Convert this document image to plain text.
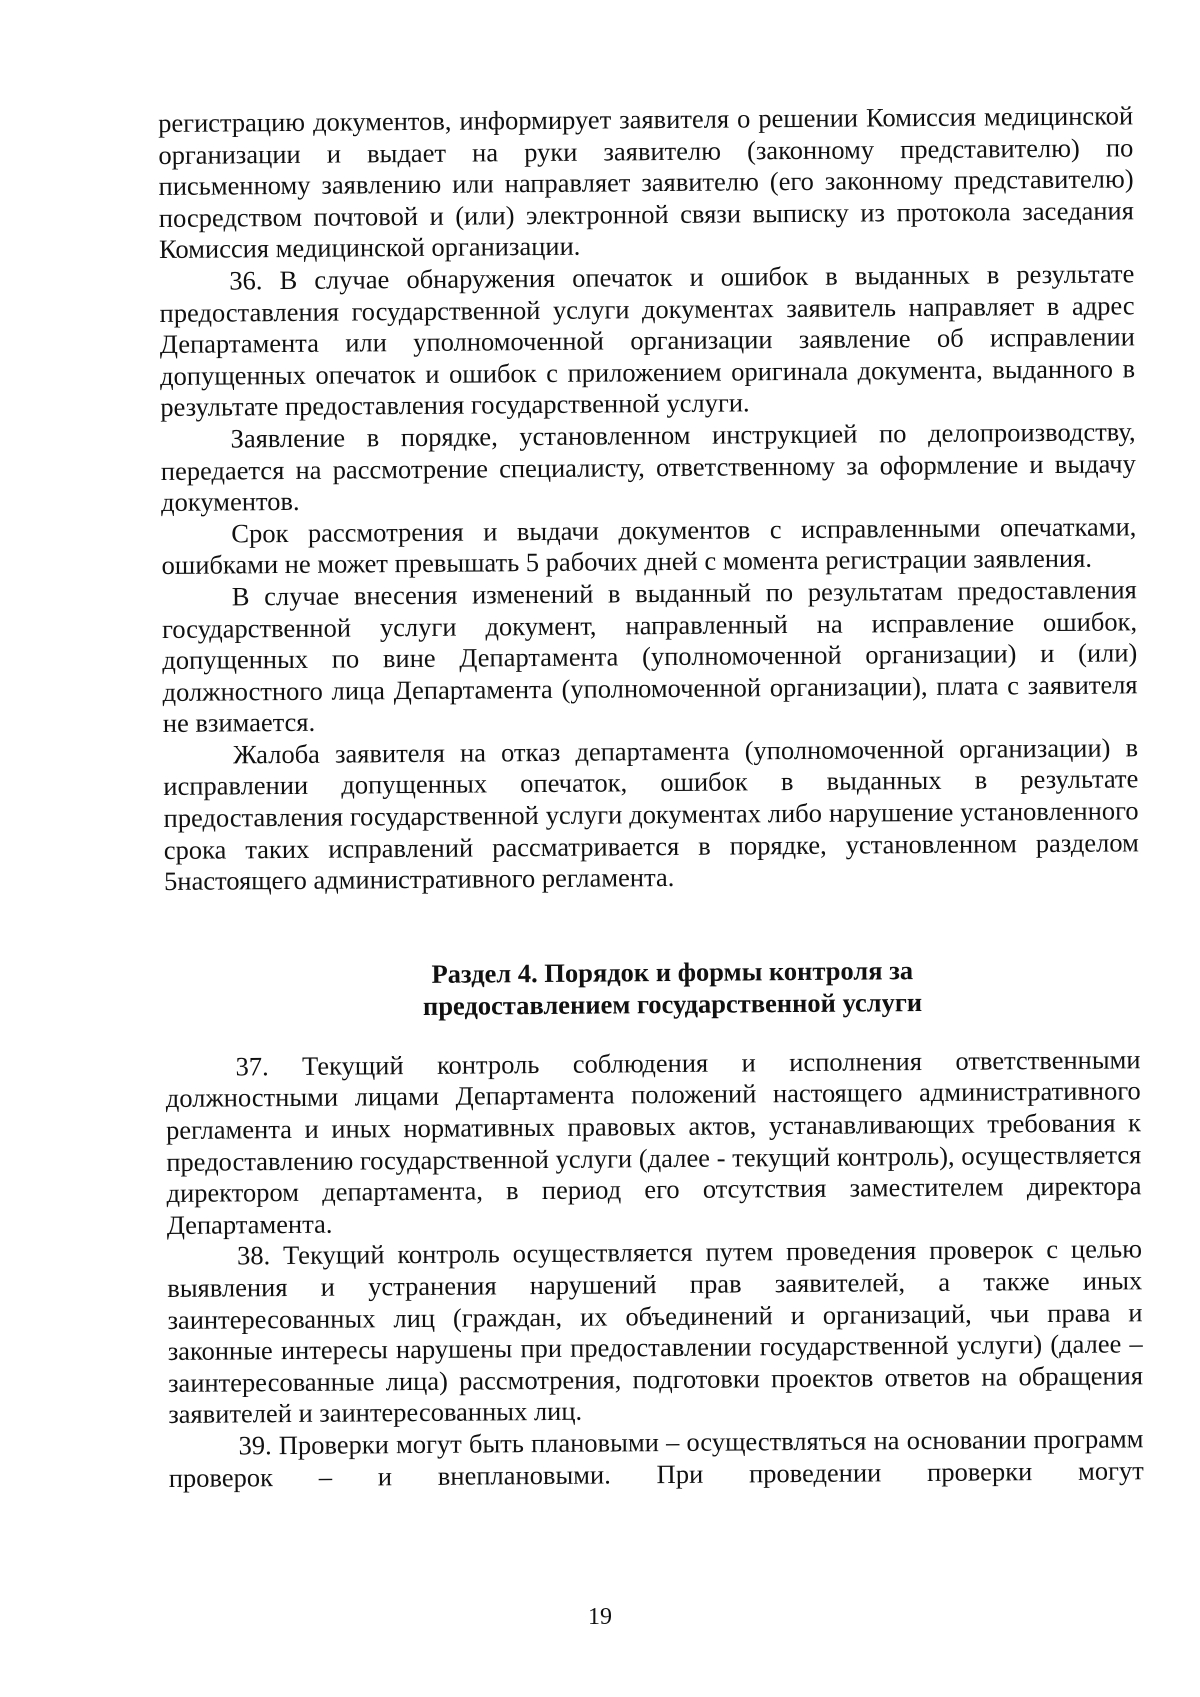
регистрацию документов, информирует заявителя о решении Комиссия медицинской организации и выдает на руки заявителю (законному представителю) по письменному заявлению или направляет заявителю (его законному представителю) посредством почтовой и (или) электронной связи выписку из протокола заседания Комиссия медицинской организации.

36. В случае обнаружения опечаток и ошибок в выданных в результате предоставления государственной услуги документах заявитель направляет в адрес Департамента или уполномоченной организации заявление об исправлении допущенных опечаток и ошибок с приложением оригинала документа, выданного в результате предоставления государственной услуги.

Заявление в порядке, установленном инструкцией по делопроизводству, передается на рассмотрение специалисту, ответственному за оформление и выдачу документов.

Срок рассмотрения и выдачи документов с исправленными опечатками, ошибками не может превышать 5 рабочих дней с момента регистрации заявления.

В случае внесения изменений в выданный по результатам предоставления государственной услуги документ, направленный на исправление ошибок, допущенных по вине Департамента (уполномоченной организации) и (или) должностного лица Департамента (уполномоченной организации), плата с заявителя не взимается.

Жалоба заявителя на отказ департамента (уполномоченной организации) в исправлении допущенных опечаток, ошибок в выданных в результате предоставления государственной услуги документах либо нарушение установленного срока таких исправлений рассматривается в порядке, установленном разделом 5настоящего административного регламента.

Раздел 4. Порядок и формы контроля за
предоставлением государственной услуги

37. Текущий контроль соблюдения и исполнения ответственными должностными лицами Департамента положений настоящего административного регламента и иных нормативных правовых актов, устанавливающих требования к предоставлению государственной услуги (далее - текущий контроль), осуществляется директором департамента, в период его отсутствия заместителем директора Департамента.

38. Текущий контроль осуществляется путем проведения проверок с целью выявления и устранения нарушений прав заявителей, а также иных заинтересованных лиц (граждан, их объединений и организаций, чьи права и законные интересы нарушены при предоставлении государственной услуги) (далее – заинтересованные лица) рассмотрения, подготовки проектов ответов на обращения заявителей и заинтересованных лиц.

39. Проверки могут быть плановыми – осуществляться на основании программ проверок – и внеплановыми. При проведении проверки могут

19
